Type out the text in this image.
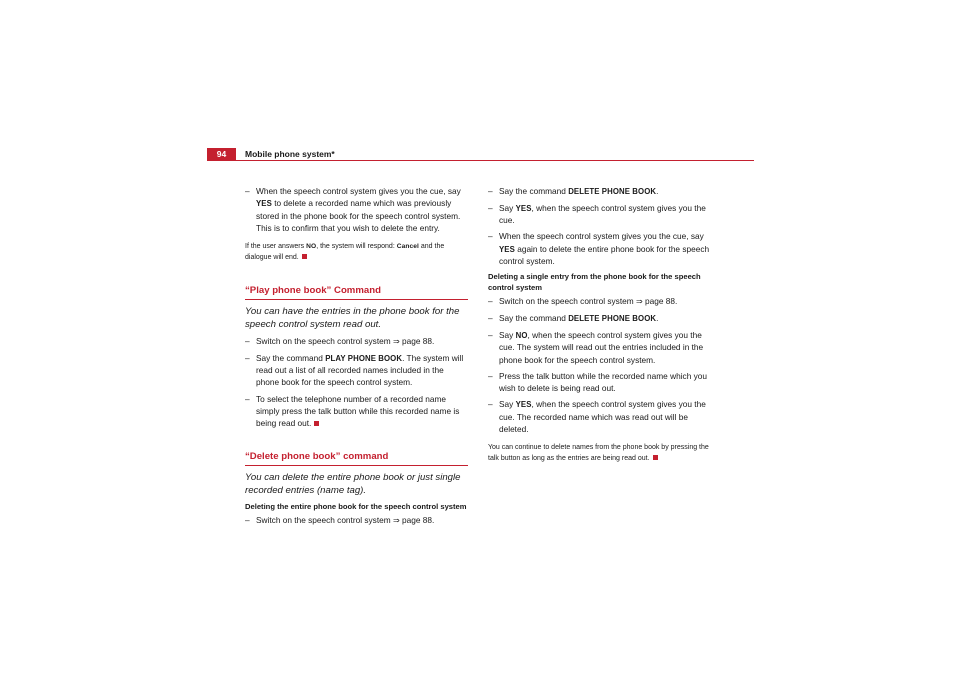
94	Mobile phone system*

– When the speech control system gives you the cue, say YES to delete a recorded name which was previously stored in the phone book for the speech control system. This is to confirm that you wish to delete the entry.

If the user answers NO, the system will respond: Cancel and the dialogue will end.

“Play phone book” Command

You can have the entries in the phone book for the speech control system read out.

– Switch on the speech control system ⇒ page 88.

– Say the command PLAY PHONE BOOK. The system will read out a list of all recorded names included in the phone book for the speech control system.

– To select the telephone number of a recorded name simply press the talk button while this recorded name is being read out.

“Delete phone book” command

You can delete the entire phone book or just single recorded entries (name tag).

Deleting the entire phone book for the speech control system

– Switch on the speech control system ⇒ page 88.

– Say the command DELETE PHONE BOOK.

– Say YES, when the speech control system gives you the cue.

– When the speech control system gives you the cue, say YES again to delete the entire phone book for the speech control system.

Deleting a single entry from the phone book for the speech control system

– Switch on the speech control system ⇒ page 88.

– Say the command DELETE PHONE BOOK.

– Say NO, when the speech control system gives you the cue. The system will read out the entries included in the phone book for the speech control system.

– Press the talk button while the recorded name which you wish to delete is being read out.

– Say YES, when the speech control system gives you the cue. The recorded name which was read out will be deleted.

You can continue to delete names from the phone book by pressing the talk button as long as the entries are being read out.
